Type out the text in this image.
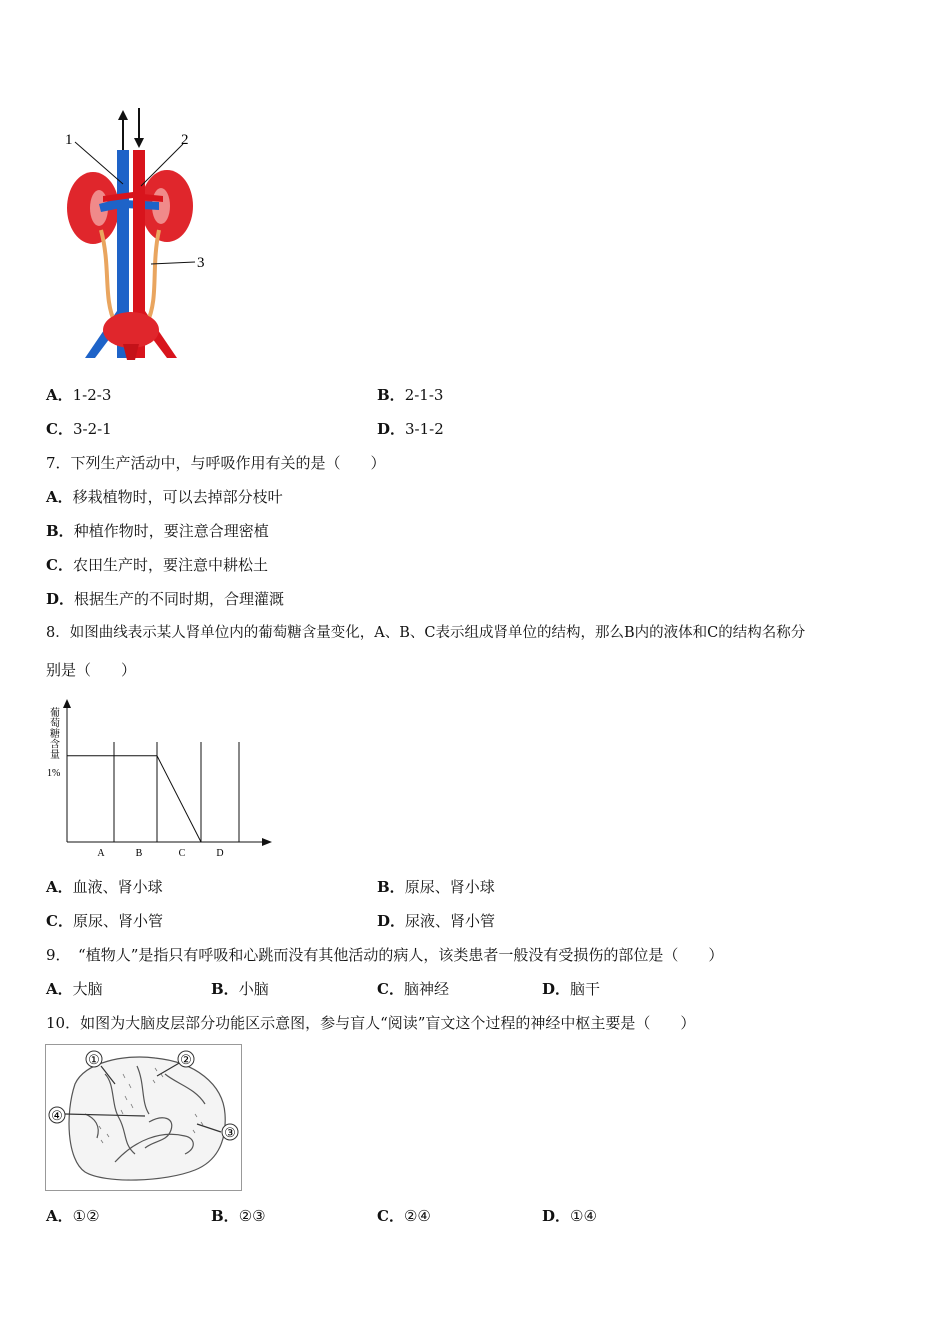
1	2
3
A．1-2-3	B．2-1-3
C．3-2-1	D．3-1-2
7．下列生产活动中，与呼吸作用有关的是（　　）
A．移栽植物时，可以去掉部分枝叶
B．种植作物时，要注意合理密植
C．农田生产时，要注意中耕松土
D．根据生产的不同时期，合理灌溉
8．如图曲线表示某人肾单位内的葡萄糖含量变化，A、B、C表示组成肾单位的结构，那么B内的液体和C的结构名称分
别是（　　）
葡萄糖含量
1%
A	B	C	D
A．血液、肾小球	B．原尿、肾小球
C．原尿、肾小管	D．尿液、肾小管
9．　“植物人”是指只有呼吸和心跳而没有其他活动的病人，该类患者一般没有受损伤的部位是（　　）
A．大脑	B．小脑	C．脑神经	D．脑干
10．如图为大脑皮层部分功能区示意图，参与盲人“阅读”盲文这个过程的神经中枢主要是（　　）
①	②
③
④
A．①②	B．②③	C．②④	D．①④
